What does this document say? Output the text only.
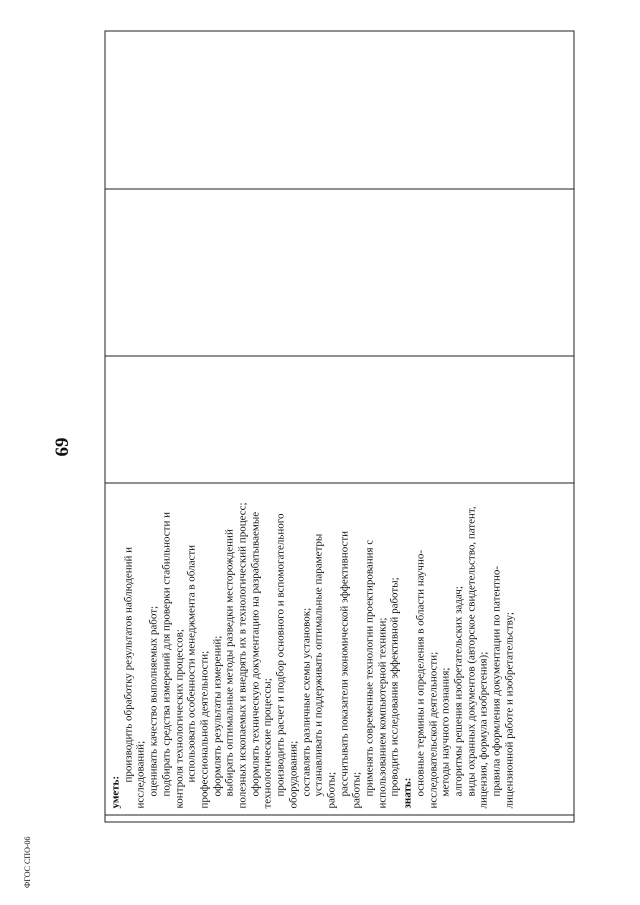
69

уметь:
производить обработку результатов наблюдений и исследований; оценивать качество выполняемых работ; подбирать средства измерений для проверки стабильности и контроля технологических процессов; использовать особенности менеджмента в области профессиональной деятельности; оформлять результаты измерений; выбирать оптимальные методы разведки месторождений полезных ископаемых и внедрять их в технологический процесс; оформлять техническую документацию на разрабатываемые технологические процессы; производить расчет и подбор основного и вспомогательного оборудования; составлять различные схемы установок; устанавливать и поддерживать оптимальные параметры работы; рассчитывать показатели экономической эффективности работы; применять современные технологии проектирования с использованием компьютерной техники; проводить исследования эффективной работы; знать: основные термины и определения в области научно- исследовательской деятельности; методы научного познания; алгоритмы решения изобретательских задач; виды охранных документов (авторское свидетельство, патент, лицензия, формула изобретения); правила оформления документации по патентно- лицензионной работе и изобретательству;

ФГОС СПО-06
